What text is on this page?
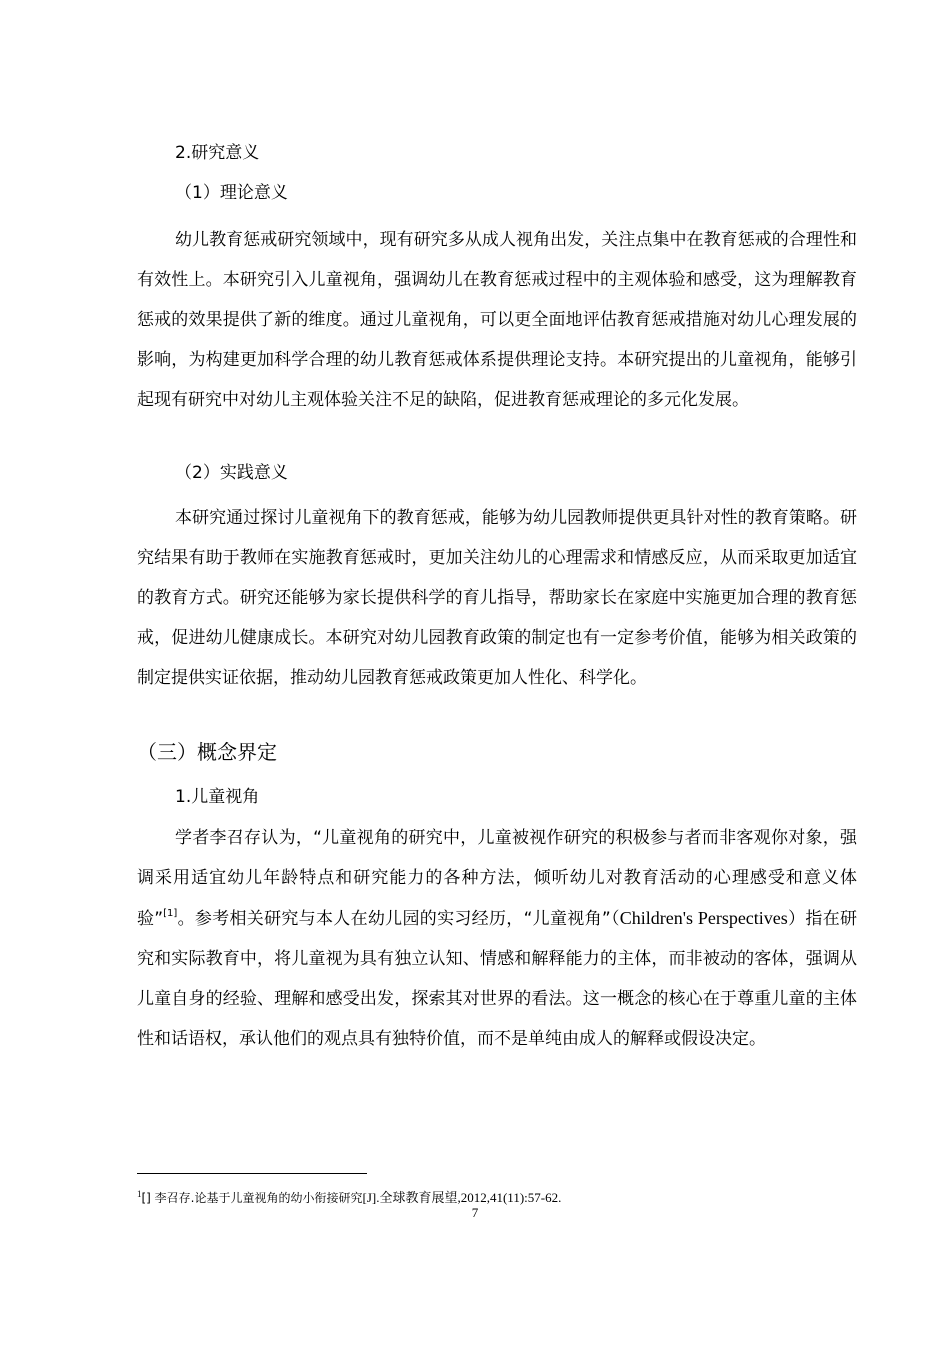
2.研究意义
（1）理论意义

幼儿教育惩戒研究领域中，现有研究多从成人视角出发，关注点集中在教育惩戒的合理性和有效性上。本研究引入儿童视角，强调幼儿在教育惩戒过程中的主观体验和感受，这为理解教育惩戒的效果提供了新的维度。通过儿童视角，可以更全面地评估教育惩戒措施对幼儿心理发展的影响，为构建更加科学合理的幼儿教育惩戒体系提供理论支持。本研究提出的儿童视角，能够引起现有研究中对幼儿主观体验关注不足的缺陷，促进教育惩戒理论的多元化发展。

（2）实践意义

本研究通过探讨儿童视角下的教育惩戒，能够为幼儿园教师提供更具针对性的教育策略。研究结果有助于教师在实施教育惩戒时，更加关注幼儿的心理需求和情感反应，从而采取更加适宜的教育方式。研究还能够为家长提供科学的育儿指导，帮助家长在家庭中实施更加合理的教育惩戒，促进幼儿健康成长。本研究对幼儿园教育政策的制定也有一定参考价值，能够为相关政策的制定提供实证依据，推动幼儿园教育惩戒政策更加人性化、科学化。

（三）概念界定
1.儿童视角

学者李召存认为，“儿童视角的研究中，儿童被视作研究的积极参与者而非客观你对象，强调采用适宜幼儿年龄特点和研究能力的各种方法，倾听幼儿对教育活动的心理感受和意义体验”[1]。参考相关研究与本人在幼儿园的实习经历，“儿童视角”（Children's Perspectives）指在研究和实际教育中，将儿童视为具有独立认知、情感和解释能力的主体，而非被动的客体，强调从儿童自身的经验、理解和感受出发，探索其对世界的看法。这一概念的核心在于尊重儿童的主体性和话语权，承认他们的观点具有独特价值，而不是单纯由成人的解释或假设决定。

$^1$[] 李召存.论基于儿童视角的幼小衔接研究[J].全球教育展望,2012,41(11):57-62.
7
